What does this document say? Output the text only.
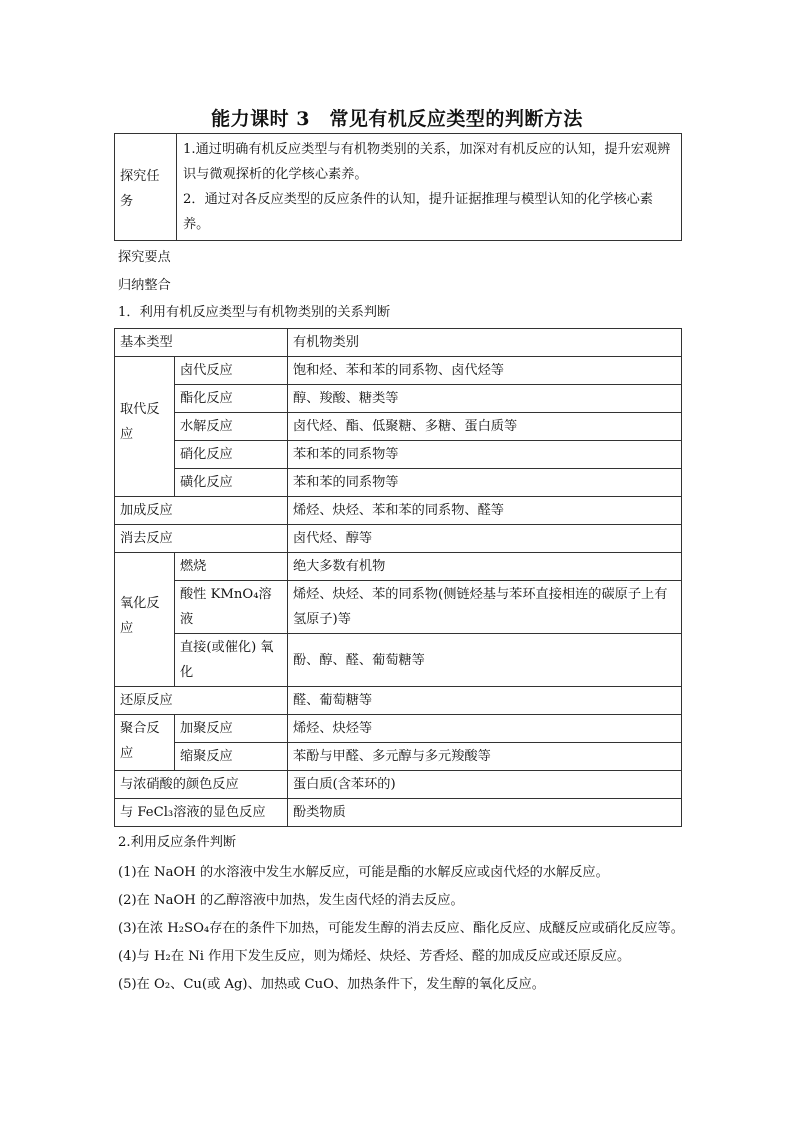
能力课时 3　常见有机反应类型的判断方法
探究任务	
1.通过明确有机反应类型与有机物类别的关系，加深对有机反应的认知，提升宏观辨识与微观探析的化学核心素养。
2．通过对各反应类型的反应条件的认知，提升证据推理与模型认知的化学核心素养。
探究要点
归纳整合
1．利用有机反应类型与有机物类别的关系判断
基本类型		有机物类别
取代反应	卤代反应	饱和烃、苯和苯的同系物、卤代烃等
	酯化反应	醇、羧酸、糖类等
	水解反应	卤代烃、酯、低聚糖、多糖、蛋白质等
	硝化反应	苯和苯的同系物等
	磺化反应	苯和苯的同系物等
加成反应		烯烃、炔烃、苯和苯的同系物、醛等
消去反应		卤代烃、醇等
氧化反应	燃烧	绝大多数有机物
	酸性 KMnO₄溶液	烯烃、炔烃、苯的同系物(侧链烃基与苯环直接相连的碳原子上有氢原子)等
	直接(或催化) 氧化	酚、醇、醛、葡萄糖等
还原反应		醛、葡萄糖等
聚合反应	加聚反应	烯烃、炔烃等
	缩聚反应	苯酚与甲醛、多元醇与多元羧酸等
与浓硝酸的颜色反应		蛋白质(含苯环的)
与 FeCl₃溶液的显色反应		酚类物质
2.利用反应条件判断
(1)在 NaOH 的水溶液中发生水解反应，可能是酯的水解反应或卤代烃的水解反应。
(2)在 NaOH 的乙醇溶液中加热，发生卤代烃的消去反应。
(3)在浓 H₂SO₄存在的条件下加热，可能发生醇的消去反应、酯化反应、成醚反应或硝化反应等。
(4)与 H₂在 Ni 作用下发生反应，则为烯烃、炔烃、芳香烃、醛的加成反应或还原反应。
(5)在 O₂、Cu(或 Ag)、加热或 CuO、加热条件下，发生醇的氧化反应。
